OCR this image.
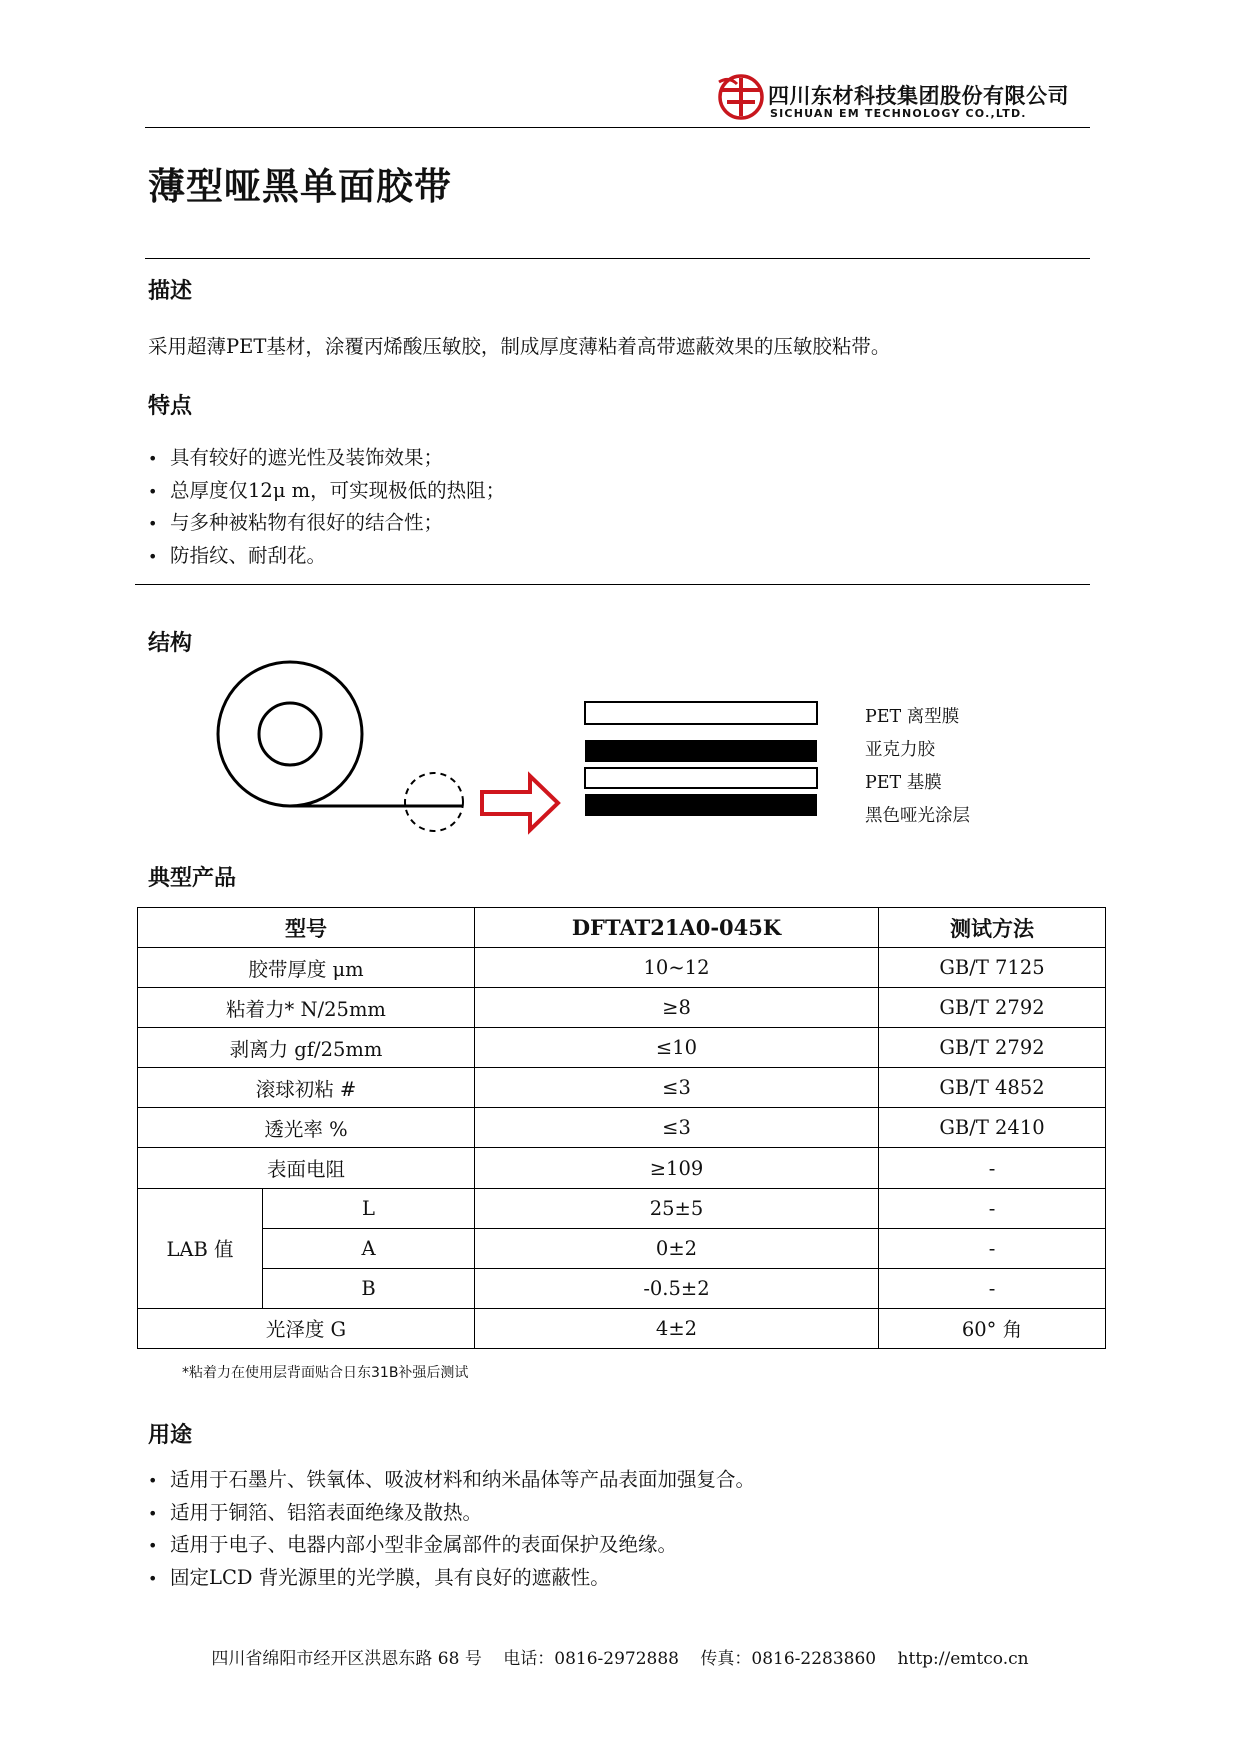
四川东材科技集团股份有限公司
SICHUAN EM TECHNOLOGY CO.,LTD.
薄型哑黑单面胶带
描述
采用超薄PET基材，涂覆丙烯酸压敏胶，制成厚度薄粘着高带遮蔽效果的压敏胶粘带。
特点
• 具有较好的遮光性及装饰效果；
• 总厚度仅12μ m，可实现极低的热阻；
• 与多种被粘物有很好的结合性；
• 防指纹、耐刮花。
结构
PET 离型膜
亚克力胶
PET 基膜
黑色哑光涂层
典型产品
型号		DFTAT21A0-045K	测试方法
胶带厚度 μm		10~12	GB/T 7125
粘着力* N/25mm		≥8	GB/T 2792
剥离力 gf/25mm		≤10	GB/T 2792
滚球初粘 #		≤3	GB/T 4852
透光率 %		≤3	GB/T 2410
表面电阻		≥109	-
LAB 值	L	25±5	-
	A	0±2	-
	B	-0.5±2	-
光泽度 G		4±2	60° 角
*粘着力在使用层背面贴合日东31B补强后测试
用途
• 适用于石墨片、铁氧体、吸波材料和纳米晶体等产品表面加强复合。
• 适用于铜箔、铝箔表面绝缘及散热。
• 适用于电子、电器内部小型非金属部件的表面保护及绝缘。
• 固定LCD 背光源里的光学膜，具有良好的遮蔽性。
四川省绵阳市经开区洪恩东路 68 号 电话：0816-2972888 传真：0816-2283860 http://emtco.cn
